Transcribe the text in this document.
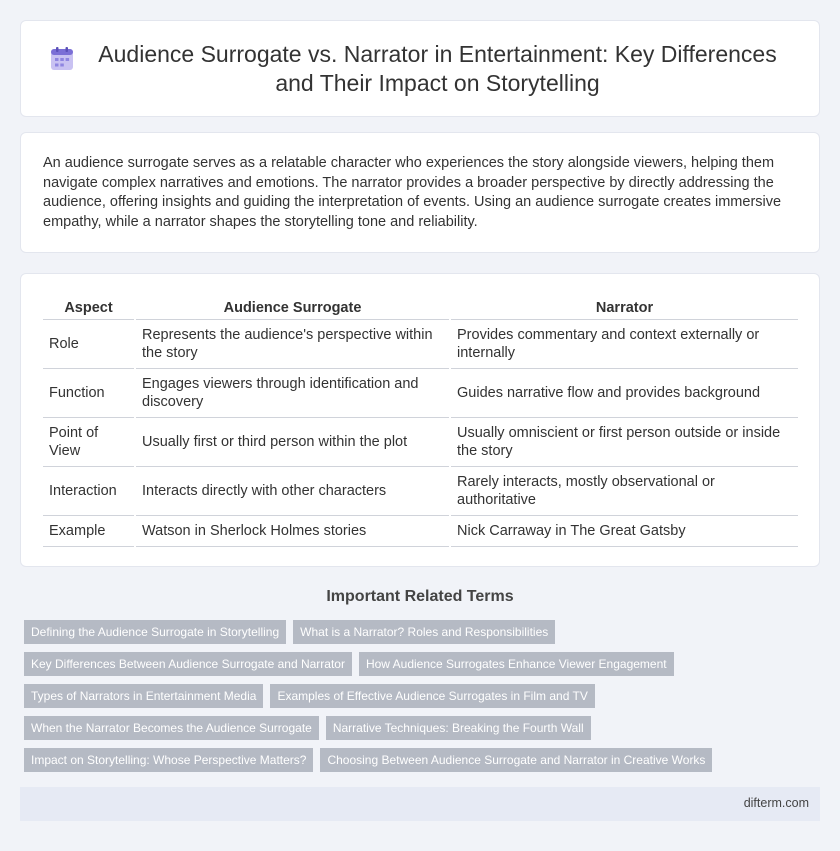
Audience Surrogate vs. Narrator in Entertainment: Key Differences and Their Impact on Storytelling

An audience surrogate serves as a relatable character who experiences the story alongside viewers, helping them navigate complex narratives and emotions. The narrator provides a broader perspective by directly addressing the audience, offering insights and guiding the interpretation of events. Using an audience surrogate creates immersive empathy, while a narrator shapes the storytelling tone and reliability.

Aspect	Audience Surrogate	Narrator
Role	Represents the audience's perspective within the story	Provides commentary and context externally or internally
Function	Engages viewers through identification and discovery	Guides narrative flow and provides background
Point of View	Usually first or third person within the plot	Usually omniscient or first person outside or inside the story
Interaction	Interacts directly with other characters	Rarely interacts, mostly observational or authoritative
Example	Watson in Sherlock Holmes stories	Nick Carraway in The Great Gatsby
Important Related Terms
Defining the Audience Surrogate in Storytelling	What is a Narrator? Roles and Responsibilities
Key Differences Between Audience Surrogate and Narrator	How Audience Surrogates Enhance Viewer Engagement
Types of Narrators in Entertainment Media	Examples of Effective Audience Surrogates in Film and TV
When the Narrator Becomes the Audience Surrogate	Narrative Techniques: Breaking the Fourth Wall
Impact on Storytelling: Whose Perspective Matters?	Choosing Between Audience Surrogate and Narrator in Creative Works
difterm.com
